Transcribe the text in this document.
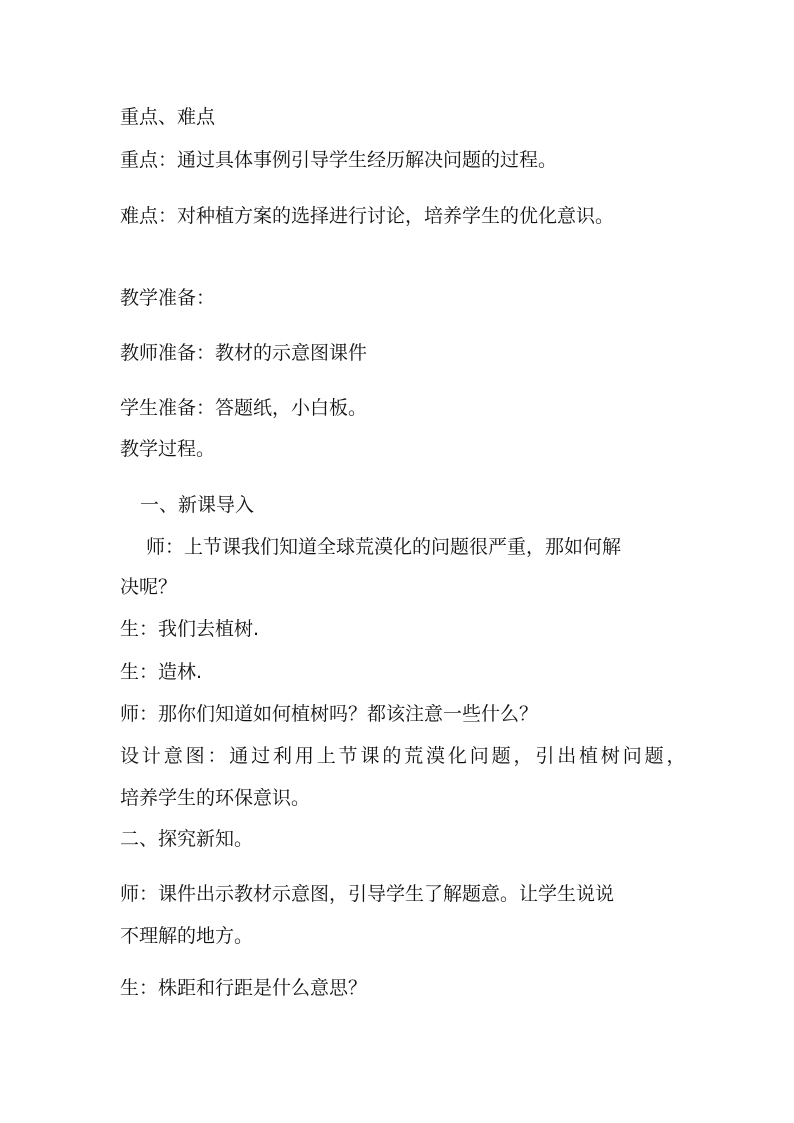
重点、难点
重点：通过具体事例引导学生经历解决问题的过程。
难点：对种植方案的选择进行讨论，培养学生的优化意识。
教学准备：
教师准备：教材的示意图课件
学生准备：答题纸，小白板。
教学过程。
一、新课导入
师：上节课我们知道全球荒漠化的问题很严重，那如何解
决呢？
生：我们去植树.
生：造林.
师：那你们知道如何植树吗？都该注意一些什么？
设计意图：通过利用上节课的荒漠化问题，引出植树问题，
培养学生的环保意识。
二、探究新知。
师：课件出示教材示意图，引导学生了解题意。让学生说说
不理解的地方。
生：株距和行距是什么意思？
